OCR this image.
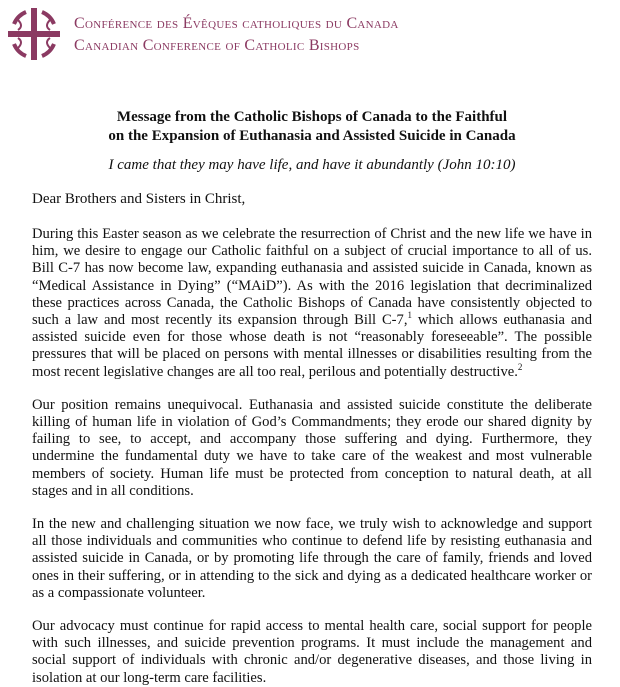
Conférence des Évêques catholiques du Canada
Canadian Conference of Catholic Bishops

Message from the Catholic Bishops of Canada to the Faithful
on the Expansion of Euthanasia and Assisted Suicide in Canada

I came that they may have life, and have it abundantly (John 10:10)

Dear Brothers and Sisters in Christ,

During this Easter season as we celebrate the resurrection of Christ and the new life we have in him, we desire to engage our Catholic faithful on a subject of crucial importance to all of us. Bill C-7 has now become law, expanding euthanasia and assisted suicide in Canada, known as “Medical Assistance in Dying” (“MAiD”). As with the 2016 legislation that decriminalized these practices across Canada, the Catholic Bishops of Canada have consistently objected to such a law and most recently its expansion through Bill C-7,$^1$ which allows euthanasia and assisted suicide even for those whose death is not “reasonably foreseeable”. The possible pressures that will be placed on persons with mental illnesses or disabilities resulting from the most recent legislative changes are all too real, perilous and potentially destructive.$^2$

Our position remains unequivocal. Euthanasia and assisted suicide constitute the deliberate killing of human life in violation of God’s Commandments; they erode our shared dignity by failing to see, to accept, and accompany those suffering and dying. Furthermore, they undermine the fundamental duty we have to take care of the weakest and most vulnerable members of society. Human life must be protected from conception to natural death, at all stages and in all conditions.

In the new and challenging situation we now face, we truly wish to acknowledge and support all those individuals and communities who continue to defend life by resisting euthanasia and assisted suicide in Canada, or by promoting life through the care of family, friends and loved ones in their suffering, or in attending to the sick and dying as a dedicated healthcare worker or as a compassionate volunteer.

Our advocacy must continue for rapid access to mental health care, social support for people with such illnesses, and suicide prevention programs. It must include the management and social support of individuals with chronic and/or degenerative diseases, and those living in isolation at our long-term care facilities.
